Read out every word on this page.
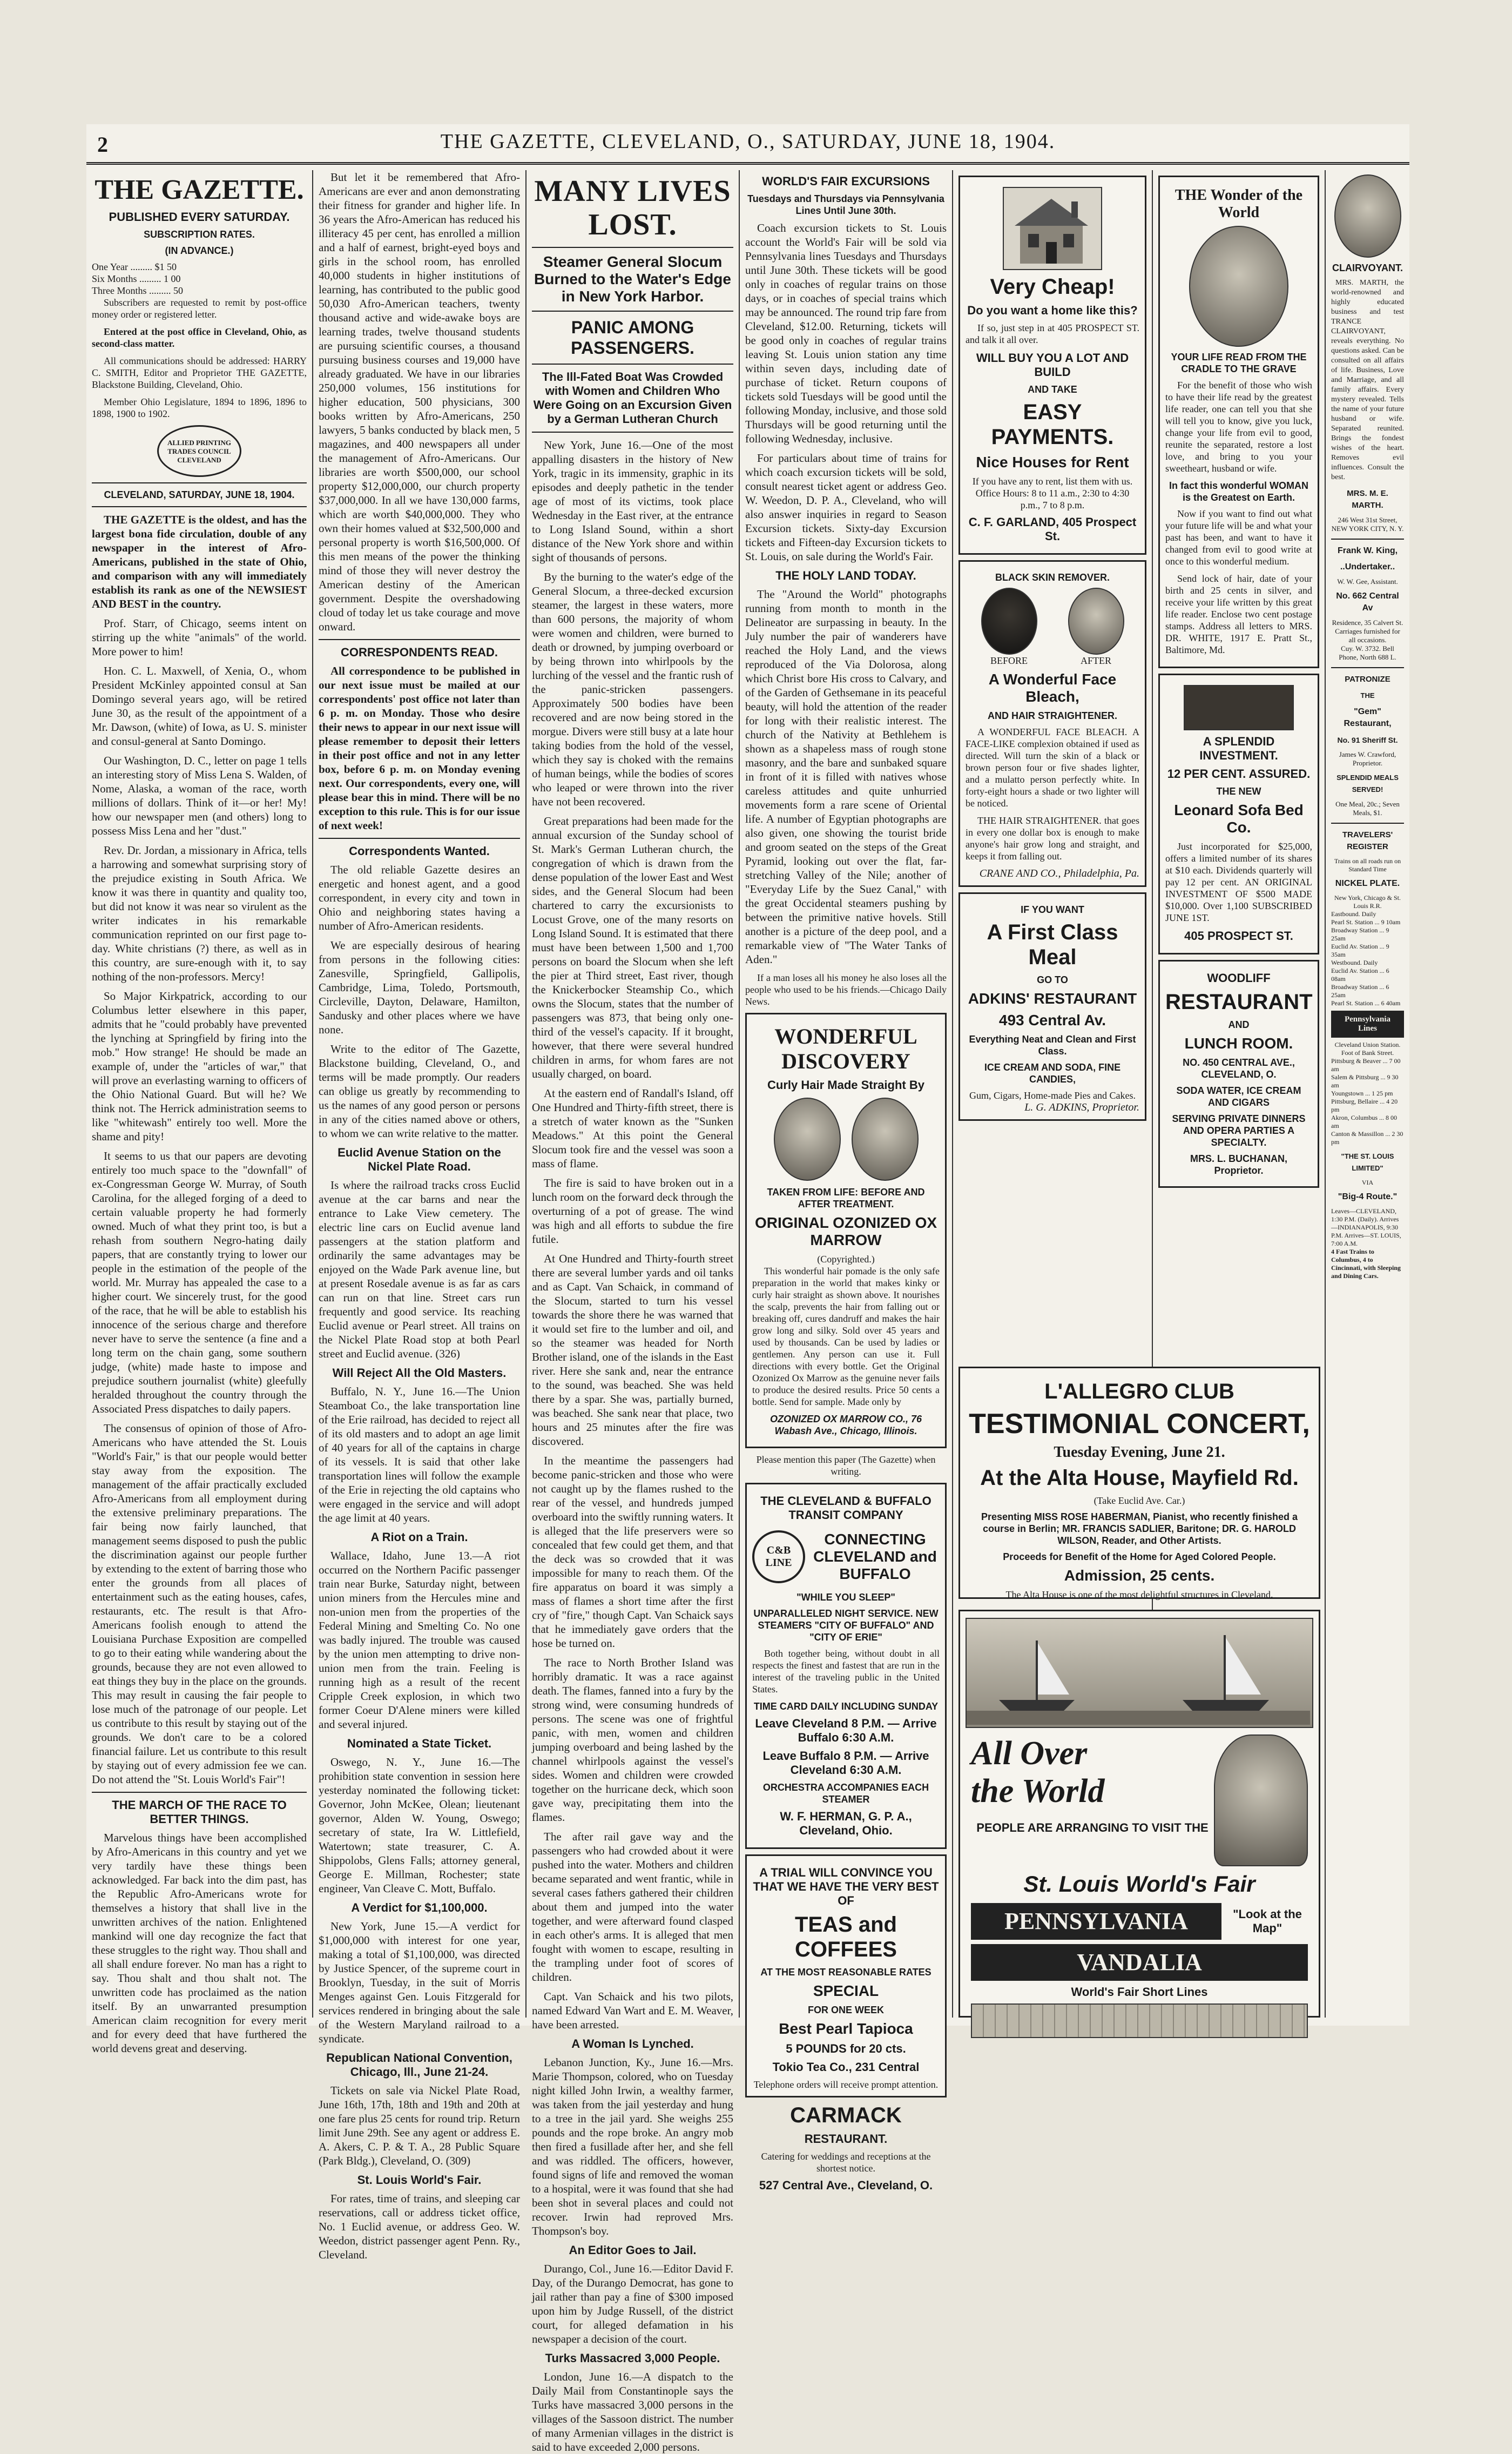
2	THE GAZETTE, CLEVELAND, O., SATURDAY, JUNE 18, 1904.
THE GAZETTE.
PUBLISHED EVERY SATURDAY.
SUBSCRIPTION RATES.
(IN ADVANCE.)
One Year ......... $1 50
Six Months ......... 1 00
Three Months ......... 50

Subscribers are requested to remit by post-office money order or registered letter.

Entered at the post office in Cleveland, Ohio, as second-class matter.

All communications should be addressed: HARRY C. SMITH, Editor and Proprietor THE GAZETTE, Blackstone Building, Cleveland, Ohio.

Member Ohio Legislature, 1894 to 1896, 1896 to 1898, 1900 to 1902.

ALLIED PRINTING TRADES COUNCIL CLEVELAND
CLEVELAND, SATURDAY, JUNE 18, 1904.

THE GAZETTE is the oldest, and has the largest bona fide circulation, double of any newspaper in the interest of Afro-Americans, published in the state of Ohio, and comparison with any will immediately establish its rank as one of the NEWSIEST AND BEST in the country.

Prof. Starr, of Chicago, seems intent on stirring up the white "animals" of the world. More power to him!

Hon. C. L. Maxwell, of Xenia, O., whom President McKinley appointed consul at San Domingo several years ago, will be retired June 30, as the result of the appointment of a Mr. Dawson, (white) of Iowa, as U. S. minister and consul-general at Santo Domingo.

Our Washington, D. C., letter on page 1 tells an interesting story of Miss Lena S. Walden, of Nome, Alaska, a woman of the race, worth millions of dollars. Think of it—or her! My! how our newspaper men (and others) long to possess Miss Lena and her "dust."

Rev. Dr. Jordan, a missionary in Africa, tells a harrowing and somewhat surprising story of the prejudice existing in South Africa. We know it was there in quantity and quality too, but did not know it was near so virulent as the writer indicates in his remarkable communication reprinted on our first page to-day. White christians (?) there, as well as in this country, are sure-enough with it, to say nothing of the non-professors. Mercy!

So Major Kirkpatrick, according to our Columbus letter elsewhere in this paper, admits that he "could probably have prevented the lynching at Springfield by firing into the mob." How strange! He should be made an example of, under the "articles of war," that will prove an everlasting warning to officers of the Ohio National Guard. But will he? We think not. The Herrick administration seems to like "whitewash" entirely too well. More the shame and pity!

It seems to us that our papers are devoting entirely too much space to the "downfall" of ex-Congressman George W. Murray, of South Carolina, for the alleged forging of a deed to certain valuable property he had formerly owned. Much of what they print too, is but a rehash from southern Negro-hating daily papers, that are constantly trying to lower our people in the estimation of the people of the world. Mr. Murray has appealed the case to a higher court. We sincerely trust, for the good of the race, that he will be able to establish his innocence of the serious charge and therefore never have to serve the sentence (a fine and a long term on the chain gang, some southern judge, (white) made haste to impose and prejudice southern journalist (white) gleefully heralded throughout the country through the Associated Press dispatches to daily papers.

The consensus of opinion of those of Afro-Americans who have attended the St. Louis "World's Fair," is that our people would better stay away from the exposition. The management of the affair practically excluded Afro-Americans from all employment during the extensive preliminary preparations. The fair being now fairly launched, that management seems disposed to push the public the discrimination against our people further by extending to the extent of barring those who enter the grounds from all places of entertainment such as the eating houses, cafes, restaurants, etc. The result is that Afro-Americans foolish enough to attend the Louisiana Purchase Exposition are compelled to go to their eating while wandering about the grounds, because they are not even allowed to eat things they buy in the place on the grounds. This may result in causing the fair people to lose much of the patronage of our people. Let us contribute to this result by staying out of the grounds. We don't care to be a colored financial failure. Let us contribute to this result by staying out of every admission fee we can. Do not attend the "St. Louis World's Fair"!

THE MARCH OF THE RACE TO BETTER THINGS.

Marvelous things have been accomplished by Afro-Americans in this country and yet we very tardily have these things been acknowledged. Far back into the dim past, has the Republic Afro-Americans wrote for themselves a history that shall live in the unwritten archives of the nation. Enlightened mankind will one day recognize the fact that these struggles to the right way. Thou shall and all shall endure forever. No man has a right to say. Thou shalt and thou shalt not. The unwritten code has proclaimed as the nation itself. By an unwarranted presumption American claim recognition for every merit and for every deed that have furthered the world devens great and deserving.

But let it be remembered that Afro-Americans are ever and anon demonstrating their fitness for grander and higher life. In 36 years the Afro-American has reduced his illiteracy 45 per cent, has enrolled a million and a half of earnest, bright-eyed boys and girls in the school room, has enrolled 40,000 students in higher institutions of learning, has contributed to the public good 50,030 Afro-American teachers, twenty thousand active and wide-awake boys are learning trades, twelve thousand students are pursuing scientific courses, a thousand pursuing business courses and 19,000 have already graduated. We have in our libraries 250,000 volumes, 156 institutions for higher education, 500 physicians, 300 books written by Afro-Americans, 250 lawyers, 5 banks conducted by black men, 5 magazines, and 400 newspapers all under the management of Afro-Americans. Our libraries are worth $500,000, our school property $12,000,000, our church property $37,000,000. In all we have 130,000 farms, which are worth $40,000,000. They who own their homes valued at $32,500,000 and personal property is worth $16,500,000. Of this men means of the power the thinking mind of those they will never destroy the American destiny of the American government. Despite the overshadowing cloud of today let us take courage and move onward.

CORRESPONDENTS READ.

All correspondence to be published in our next issue must be mailed at our correspondents' post office not later than 6 p. m. on Monday. Those who desire their news to appear in our next issue will please remember to deposit their letters in their post office and not in any letter box, before 6 p. m. on Monday evening next. Our correspondents, every one, will please bear this in mind. There will be no exception to this rule. This is for our issue of next week!

Correspondents Wanted.

The old reliable Gazette desires an energetic and honest agent, and a good correspondent, in every city and town in Ohio and neighboring states having a number of Afro-American residents.

We are especially desirous of hearing from persons in the following cities: Zanesville, Springfield, Gallipolis, Cambridge, Lima, Toledo, Portsmouth, Circleville, Dayton, Delaware, Hamilton, Sandusky and other places where we have none.

Write to the editor of The Gazette, Blackstone building, Cleveland, O., and terms will be made promptly. Our readers can oblige us greatly by recommending to us the names of any good person or persons in any of the cities named above or others, to whom we can write relative to the matter.

Euclid Avenue Station on the Nickel Plate Road.

Is where the railroad tracks cross Euclid avenue at the car barns and near the entrance to Lake View cemetery. The electric line cars on Euclid avenue land passengers at the station platform and ordinarily the same advantages may be enjoyed on the Wade Park avenue line, but at present Rosedale avenue is as far as cars can run on that line. Street cars run frequently and good service. Its reaching Euclid avenue or Pearl street. All trains on the Nickel Plate Road stop at both Pearl street and Euclid avenue. (326)

Will Reject All the Old Masters.

Buffalo, N. Y., June 16.—The Union Steamboat Co., the lake transportation line of the Erie railroad, has decided to reject all of its old masters and to adopt an age limit of 40 years for all of the captains in charge of its vessels. It is said that other lake transportation lines will follow the example of the Erie in rejecting the old captains who were engaged in the service and will adopt the age limit at 40 years.

A Riot on a Train.

Wallace, Idaho, June 13.—A riot occurred on the Northern Pacific passenger train near Burke, Saturday night, between union miners from the Hercules mine and non-union men from the properties of the Federal Mining and Smelting Co. No one was badly injured. The trouble was caused by the union men attempting to drive non-union men from the train. Feeling is running high as a result of the recent Cripple Creek explosion, in which two former Coeur D'Alene miners were killed and several injured.

Nominated a State Ticket.

Oswego, N. Y., June 16.—The prohibition state convention in session here yesterday nominated the following ticket: Governor, John McKee, Olean; lieutenant governor, Alden W. Young, Oswego; secretary of state, Ira W. Littlefield, Watertown; state treasurer, C. A. Shippolobs, Glens Falls; attorney general, George E. Millman, Rochester; state engineer, Van Cleave C. Mott, Buffalo.

A Verdict for $1,100,000.

New York, June 15.—A verdict for $1,000,000 with interest for one year, making a total of $1,100,000, was directed by Justice Spencer, of the supreme court in Brooklyn, Tuesday, in the suit of Morris Menges against Gen. Louis Fitzgerald for services rendered in bringing about the sale of the Western Maryland railroad to a syndicate.

Republican National Convention, Chicago, Ill., June 21-24.

Tickets on sale via Nickel Plate Road, June 16th, 17th, 18th and 19th and 20th at one fare plus 25 cents for round trip. Return limit June 29th. See any agent or address E. A. Akers, C. P. & T. A., 28 Public Square (Park Bldg.), Cleveland, O. (309)

St. Louis World's Fair.

For rates, time of trains, and sleeping car reservations, call or address ticket office, No. 1 Euclid avenue, or address Geo. W. Weedon, district passenger agent Penn. Ry., Cleveland.

MANY LIVES LOST.
Steamer General Slocum Burned to the Water's Edge in New York Harbor.
PANIC AMONG PASSENGERS.
The Ill-Fated Boat Was Crowded with Women and Children Who Were Going on an Excursion Given by a German Lutheran Church

New York, June 16.—One of the most appalling disasters in the history of New York, tragic in its immensity, graphic in its episodes and deeply pathetic in the tender age of most of its victims, took place Wednesday in the East river, at the entrance to Long Island Sound, within a short distance of the New York shore and within sight of thousands of persons.

By the burning to the water's edge of the General Slocum, a three-decked excursion steamer, the largest in these waters, more than 600 persons, the majority of whom were women and children, were burned to death or drowned, by jumping overboard or by being thrown into whirlpools by the lurching of the vessel and the frantic rush of the panic-stricken passengers. Approximately 500 bodies have been recovered and are now being stored in the morgue. Divers were still busy at a late hour taking bodies from the hold of the vessel, which they say is choked with the remains of human beings, while the bodies of scores who leaped or were thrown into the river have not been recovered.

Great preparations had been made for the annual excursion of the Sunday school of St. Mark's German Lutheran church, the congregation of which is drawn from the dense population of the lower East and West sides, and the General Slocum had been chartered to carry the excursionists to Locust Grove, one of the many resorts on Long Island Sound. It is estimated that there must have been between 1,500 and 1,700 persons on board the Slocum when she left the pier at Third street, East river, though the Knickerbocker Steamship Co., which owns the Slocum, states that the number of passengers was 873, that being only one-third of the vessel's capacity. If it brought, however, that there were several hundred children in arms, for whom fares are not usually charged, on board.

At the eastern end of Randall's Island, off One Hundred and Thirty-fifth street, there is a stretch of water known as the "Sunken Meadows." At this point the General Slocum took fire and the vessel was soon a mass of flame.

The fire is said to have broken out in a lunch room on the forward deck through the overturning of a pot of grease. The wind was high and all efforts to subdue the fire futile.

At One Hundred and Thirty-fourth street there are several lumber yards and oil tanks and as Capt. Van Schaick, in command of the Slocum, started to turn his vessel towards the shore there he was warned that it would set fire to the lumber and oil, and so the steamer was headed for North Brother island, one of the islands in the East river. Here she sank and, near the entrance to the sound, was beached. She was held there by a spar. She was, partially burned, was beached. She sank near that place, two hours and 25 minutes after the fire was discovered.

In the meantime the passengers had become panic-stricken and those who were not caught up by the flames rushed to the rear of the vessel, and hundreds jumped overboard into the swiftly running waters. It is alleged that the life preservers were so concealed that few could get them, and that the deck was so crowded that it was impossible for many to reach them. Of the fire apparatus on board it was simply a mass of flames a short time after the first cry of "fire," though Capt. Van Schaick says that he immediately gave orders that the hose be turned on.

The race to North Brother Island was horribly dramatic. It was a race against death. The flames, fanned into a fury by the strong wind, were consuming hundreds of persons. The scene was one of frightful panic, with men, women and children jumping overboard and being lashed by the channel whirlpools against the vessel's sides. Women and children were crowded together on the hurricane deck, which soon gave way, precipitating them into the flames.

The after rail gave way and the passengers who had crowded about it were pushed into the water. Mothers and children became separated and went frantic, while in several cases fathers gathered their children about them and jumped into the water together, and were afterward found clasped in each other's arms. It is alleged that men fought with women to escape, resulting in the trampling under foot of scores of children.

Capt. Van Schaick and his two pilots, named Edward Van Wart and E. M. Weaver, have been arrested.

A Woman Is Lynched.

Lebanon Junction, Ky., June 16.—Mrs. Marie Thompson, colored, who on Tuesday night killed John Irwin, a wealthy farmer, was taken from the jail yesterday and hung to a tree in the jail yard. She weighs 255 pounds and the rope broke. An angry mob then fired a fusillade after her, and she fell and was riddled. The officers, however, found signs of life and removed the woman to a hospital, were it was found that she had been shot in several places and could not recover. Irwin had reproved Mrs. Thompson's boy.

An Editor Goes to Jail.

Durango, Col., June 16.—Editor David F. Day, of the Durango Democrat, has gone to jail rather than pay a fine of $300 imposed upon him by Judge Russell, of the district court, for alleged defamation in his newspaper a decision of the court.

Turks Massacred 3,000 People.

London, June 16.—A dispatch to the Daily Mail from Constantinople says the Turks have massacred 3,000 persons in the villages of the Sassoon district. The number of many Armenian villages in the district is said to have exceeded 2,000 persons.

WORLD'S FAIR EXCURSIONS
Tuesdays and Thursdays via Pennsylvania Lines Until June 30th.

Coach excursion tickets to St. Louis account the World's Fair will be sold via Pennsylvania lines Tuesdays and Thursdays until June 30th. These tickets will be good only in coaches of regular trains on those days, or in coaches of special trains which may be announced. The round trip fare from Cleveland, $12.00. Returning, tickets will be good only in coaches of regular trains leaving St. Louis union station any time within seven days, including date of purchase of ticket. Return coupons of tickets sold Tuesdays will be good until the following Monday, inclusive, and those sold Thursdays will be good returning until the following Wednesday, inclusive.

For particulars about time of trains for which coach excursion tickets will be sold, consult nearest ticket agent or address Geo. W. Weedon, D. P. A., Cleveland, who will also answer inquiries in regard to Season Excursion tickets. Sixty-day Excursion tickets and Fifteen-day Excursion tickets to St. Louis, on sale during the World's Fair.

THE HOLY LAND TODAY.

The "Around the World" photographs running from month to month in the Delineator are surpassing in beauty. In the July number the pair of wanderers have reached the Holy Land, and the views reproduced of the Via Dolorosa, along which Christ bore His cross to Calvary, and of the Garden of Gethsemane in its peaceful beauty, will hold the attention of the reader for long with their realistic interest. The church of the Nativity at Bethlehem is shown as a shapeless mass of rough stone masonry, and the bare and sunbaked square in front of it is filled with natives whose careless attitudes and quite unhurried movements form a rare scene of Oriental life. A number of Egyptian photographs are also given, one showing the tourist bride and groom seated on the steps of the Great Pyramid, looking out over the flat, far-stretching Valley of the Nile; another of "Everyday Life by the Suez Canal," with the great Occidental steamers pushing by between the primitive native hovels. Still another is a picture of the deep pool, and a remarkable view of "The Water Tanks of Aden."

If a man loses all his money he also loses all the people who used to be his friends.—Chicago Daily News.

WONDERFUL DISCOVERY
Curly Hair Made Straight By
TAKEN FROM LIFE: BEFORE AND AFTER TREATMENT.
ORIGINAL OZONIZED OX MARROW
(Copyrighted.)

This wonderful hair pomade is the only safe preparation in the world that makes kinky or curly hair straight as shown above. It nourishes the scalp, prevents the hair from falling out or breaking off, cures dandruff and makes the hair grow long and silky. Sold over 45 years and used by thousands. Can be used by ladies or gentlemen. Any person can use it. Full directions with every bottle. Get the Original Ozonized Ox Marrow as the genuine never fails to produce the desired results. Price 50 cents a bottle. Send for sample. Made only by

OZONIZED OX MARROW CO., 76 Wabash Ave., Chicago, Illinois.
Please mention this paper (The Gazette) when writing.
THE CLEVELAND & BUFFALO TRANSIT COMPANY
C&B LINE
CONNECTING CLEVELAND and BUFFALO
"WHILE YOU SLEEP"
UNPARALLELED NIGHT SERVICE. NEW STEAMERS "CITY OF BUFFALO" AND "CITY OF ERIE"

Both together being, without doubt in all respects the finest and fastest that are run in the interest of the traveling public in the United States.

TIME CARD DAILY INCLUDING SUNDAY
Leave Cleveland 8 P.M. — Arrive Buffalo 6:30 A.M.
Leave Buffalo 8 P.M. — Arrive Cleveland 6:30 A.M.
ORCHESTRA ACCOMPANIES EACH STEAMER
W. F. HERMAN, G. P. A., Cleveland, Ohio.
A TRIAL WILL CONVINCE YOU THAT WE HAVE THE VERY BEST OF
TEAS and COFFEES
AT THE MOST REASONABLE RATES
SPECIAL
FOR ONE WEEK
Best Pearl Tapioca
5 POUNDS for 20 cts.
Tokio Tea Co., 231 Central
Telephone orders will receive prompt attention.
CARMACK
RESTAURANT.
Catering for weddings and receptions at the shortest notice.
527 Central Ave., Cleveland, O.
Very Cheap!
Do you want a home like this?

If so, just step in at 405 PROSPECT ST. and talk it all over.

WILL BUY YOU A LOT AND BUILD
AND TAKE
EASY PAYMENTS.
Nice Houses for Rent
If you have any to rent, list them with us.
Office Hours: 8 to 11 a.m., 2:30 to 4:30 p.m., 7 to 8 p.m.
C. F. GARLAND, 405 Prospect St.
BLACK SKIN REMOVER.
BEFORE	AFTER
A Wonderful Face Bleach,
AND HAIR STRAIGHTENER.

A WONDERFUL FACE BLEACH. A FACE-LIKE complexion obtained if used as directed. Will turn the skin of a black or brown person four or five shades lighter, and a mulatto person perfectly white. In forty-eight hours a shade or two lighter will be noticed.

THE HAIR STRAIGHTENER. that goes in every one dollar box is enough to make anyone's hair grow long and straight, and keeps it from falling out.

CRANE AND CO., Philadelphia, Pa.
IF YOU WANT
A First Class Meal
GO TO
ADKINS' RESTAURANT
493 Central Av.
Everything Neat and Clean and First Class.
ICE CREAM AND SODA, FINE CANDIES,
Gum, Cigars, Home-made Pies and Cakes.
L. G. ADKINS, Proprietor.
THE Wonder of the World
YOUR LIFE READ FROM THE CRADLE TO THE GRAVE

For the benefit of those who wish to have their life read by the greatest life reader, one can tell you that she will tell you to know, give you luck, change your life from evil to good, reunite the separated, restore a lost love, and bring to you your sweetheart, husband or wife.

In fact this wonderful WOMAN is the Greatest on Earth.

Now if you want to find out what your future life will be and what your past has been, and want to have it changed from evil to good write at once to this wonderful medium.

Send lock of hair, date of your birth and 25 cents in silver, and receive your life written by this great life reader. Enclose two cent postage stamps. Address all letters to MRS. DR. WHITE, 1917 E. Pratt St., Baltimore, Md.

A SPLENDID INVESTMENT.
12 PER CENT. ASSURED.
THE NEW
Leonard Sofa Bed Co.

Just incorporated for $25,000, offers a limited number of its shares at $10 each. Dividends quarterly will pay 12 per cent. AN ORIGINAL INVESTMENT OF $500 MADE $10,000. Over 1,100 SUBSCRIBED JUNE 1ST.

405 PROSPECT ST.
WOODLIFF
RESTAURANT
AND
LUNCH ROOM.
NO. 450 CENTRAL AVE., CLEVELAND, O.
SODA WATER, ICE CREAM AND CIGARS
SERVING PRIVATE DINNERS AND OPERA PARTIES A SPECIALTY.
MRS. L. BUCHANAN, Proprietor.
CLAIRVOYANT.

MRS. MARTH, the world-renowned and highly educated business and test TRANCE CLAIRVOYANT, reveals everything. No questions asked. Can be consulted on all affairs of life. Business, Love and Marriage, and all family affairs. Every mystery revealed. Tells the name of your future husband or wife. Separated reunited. Brings the fondest wishes of the heart. Removes evil influences. Consult the best.

MRS. M. E. MARTH.
246 West 31st Street, NEW YORK CITY, N. Y.
Frank W. King,
..Undertaker..
W. W. Gee, Assistant.
No. 662 Central Av
Residence, 35 Calvert St.
Carriages furnished for all occasions.
Cuy. W. 3732. Bell Phone, North 688 L.
PATRONIZE
THE
"Gem" Restaurant,
No. 91 Sheriff St.
James W. Crawford, Proprietor.
SPLENDID MEALS SERVED!
One Meal, 20c.; Seven Meals, $1.
TRAVELERS' REGISTER
Trains on all roads run on Standard Time
NICKEL PLATE.
New York, Chicago & St. Louis R.R.
Eastbound. Daily
Pearl St. Station ... 9 10am
Broadway Station ... 9 25am
Euclid Av. Station ... 9 35am
Westbound. Daily
Euclid Av. Station ... 6 08am
Broadway Station ... 6 25am
Pearl St. Station ... 6 40am
Pennsylvania Lines
Cleveland Union Station. Foot of Bank Street.
Pittsburg & Beaver ... 7 00 am
Salem & Pittsburg ... 9 30 am
Youngstown ... 1 25 pm
Pittsburg, Bellaire ... 4 20 pm
Akron, Columbus ... 8 00 am
Canton & Massillon ... 2 30 pm
"THE ST. LOUIS LIMITED"
VIA
"Big-4 Route."
Leaves—CLEVELAND, 1:30 P.M. (Daily). Arrives—INDIANAPOLIS, 9:30 P.M. Arrives—ST. LOUIS, 7:00 A.M.
4 Fast Trains to Columbus, 4 to Cincinnati, with Sleeping and Dining Cars.
L'ALLEGRO CLUB
TESTIMONIAL CONCERT,
Tuesday Evening, June 21.
At the Alta House, Mayfield Rd.
(Take Euclid Ave. Car.)
Presenting MISS ROSE HABERMAN, Pianist, who recently finished a course in Berlin; MR. FRANCIS SADLIER, Baritone; DR. G. HAROLD WILSON, Reader, and Other Artists.
Proceeds for Benefit of the Home for Aged Colored People.
Admission, 25 cents.
The Alta House is one of the most delightful structures in Cleveland.
All Over
the World
PEOPLE ARE ARRANGING TO VISIT THE
St. Louis World's Fair
PENNSYLVANIA	"Look at the Map"
VANDALIA
World's Fair Short Lines
